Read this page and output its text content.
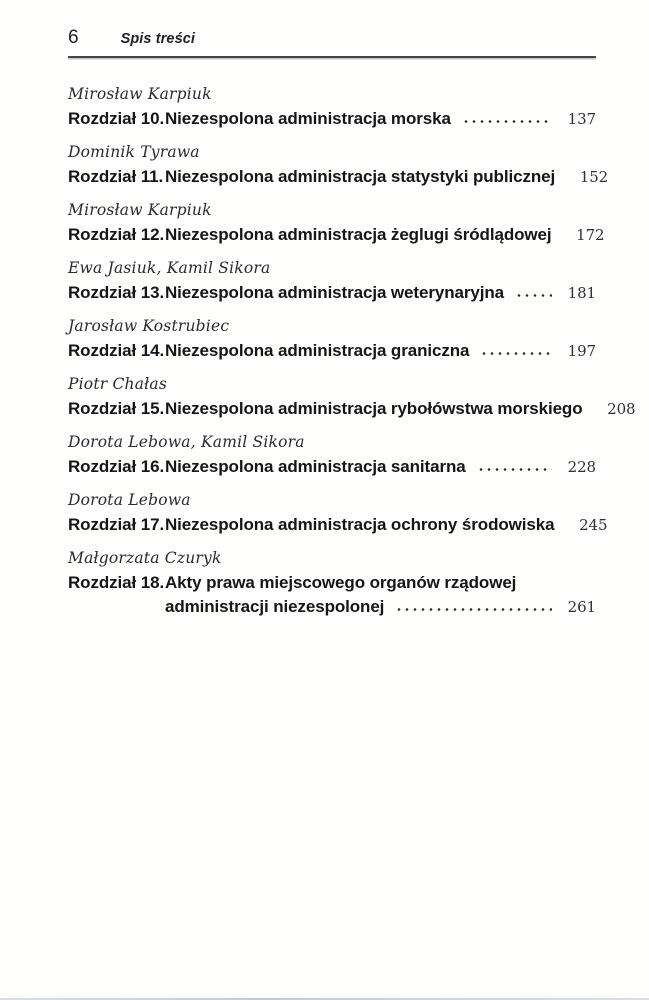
6	Spis treści
Mirosław Karpiuk
Rozdział 10. Niezespolona administracja morska	137
Dominik Tyrawa
Rozdział 11. Niezespolona administracja statystyki publicznej	152
Mirosław Karpiuk
Rozdział 12. Niezespolona administracja żeglugi śródlądowej	172
Ewa Jasiuk, Kamil Sikora
Rozdział 13. Niezespolona administracja weterynaryjna	181
Jarosław Kostrubiec
Rozdział 14. Niezespolona administracja graniczna	197
Piotr Chałas
Rozdział 15. Niezespolona administracja rybołówstwa morskiego	208
Dorota Lebowa, Kamil Sikora
Rozdział 16. Niezespolona administracja sanitarna	228
Dorota Lebowa
Rozdział 17. Niezespolona administracja ochrony środowiska	245
Małgorzata Czuryk
Rozdział 18. Akty prawa miejscowego organów rządowej
administracji niezespolonej	261
